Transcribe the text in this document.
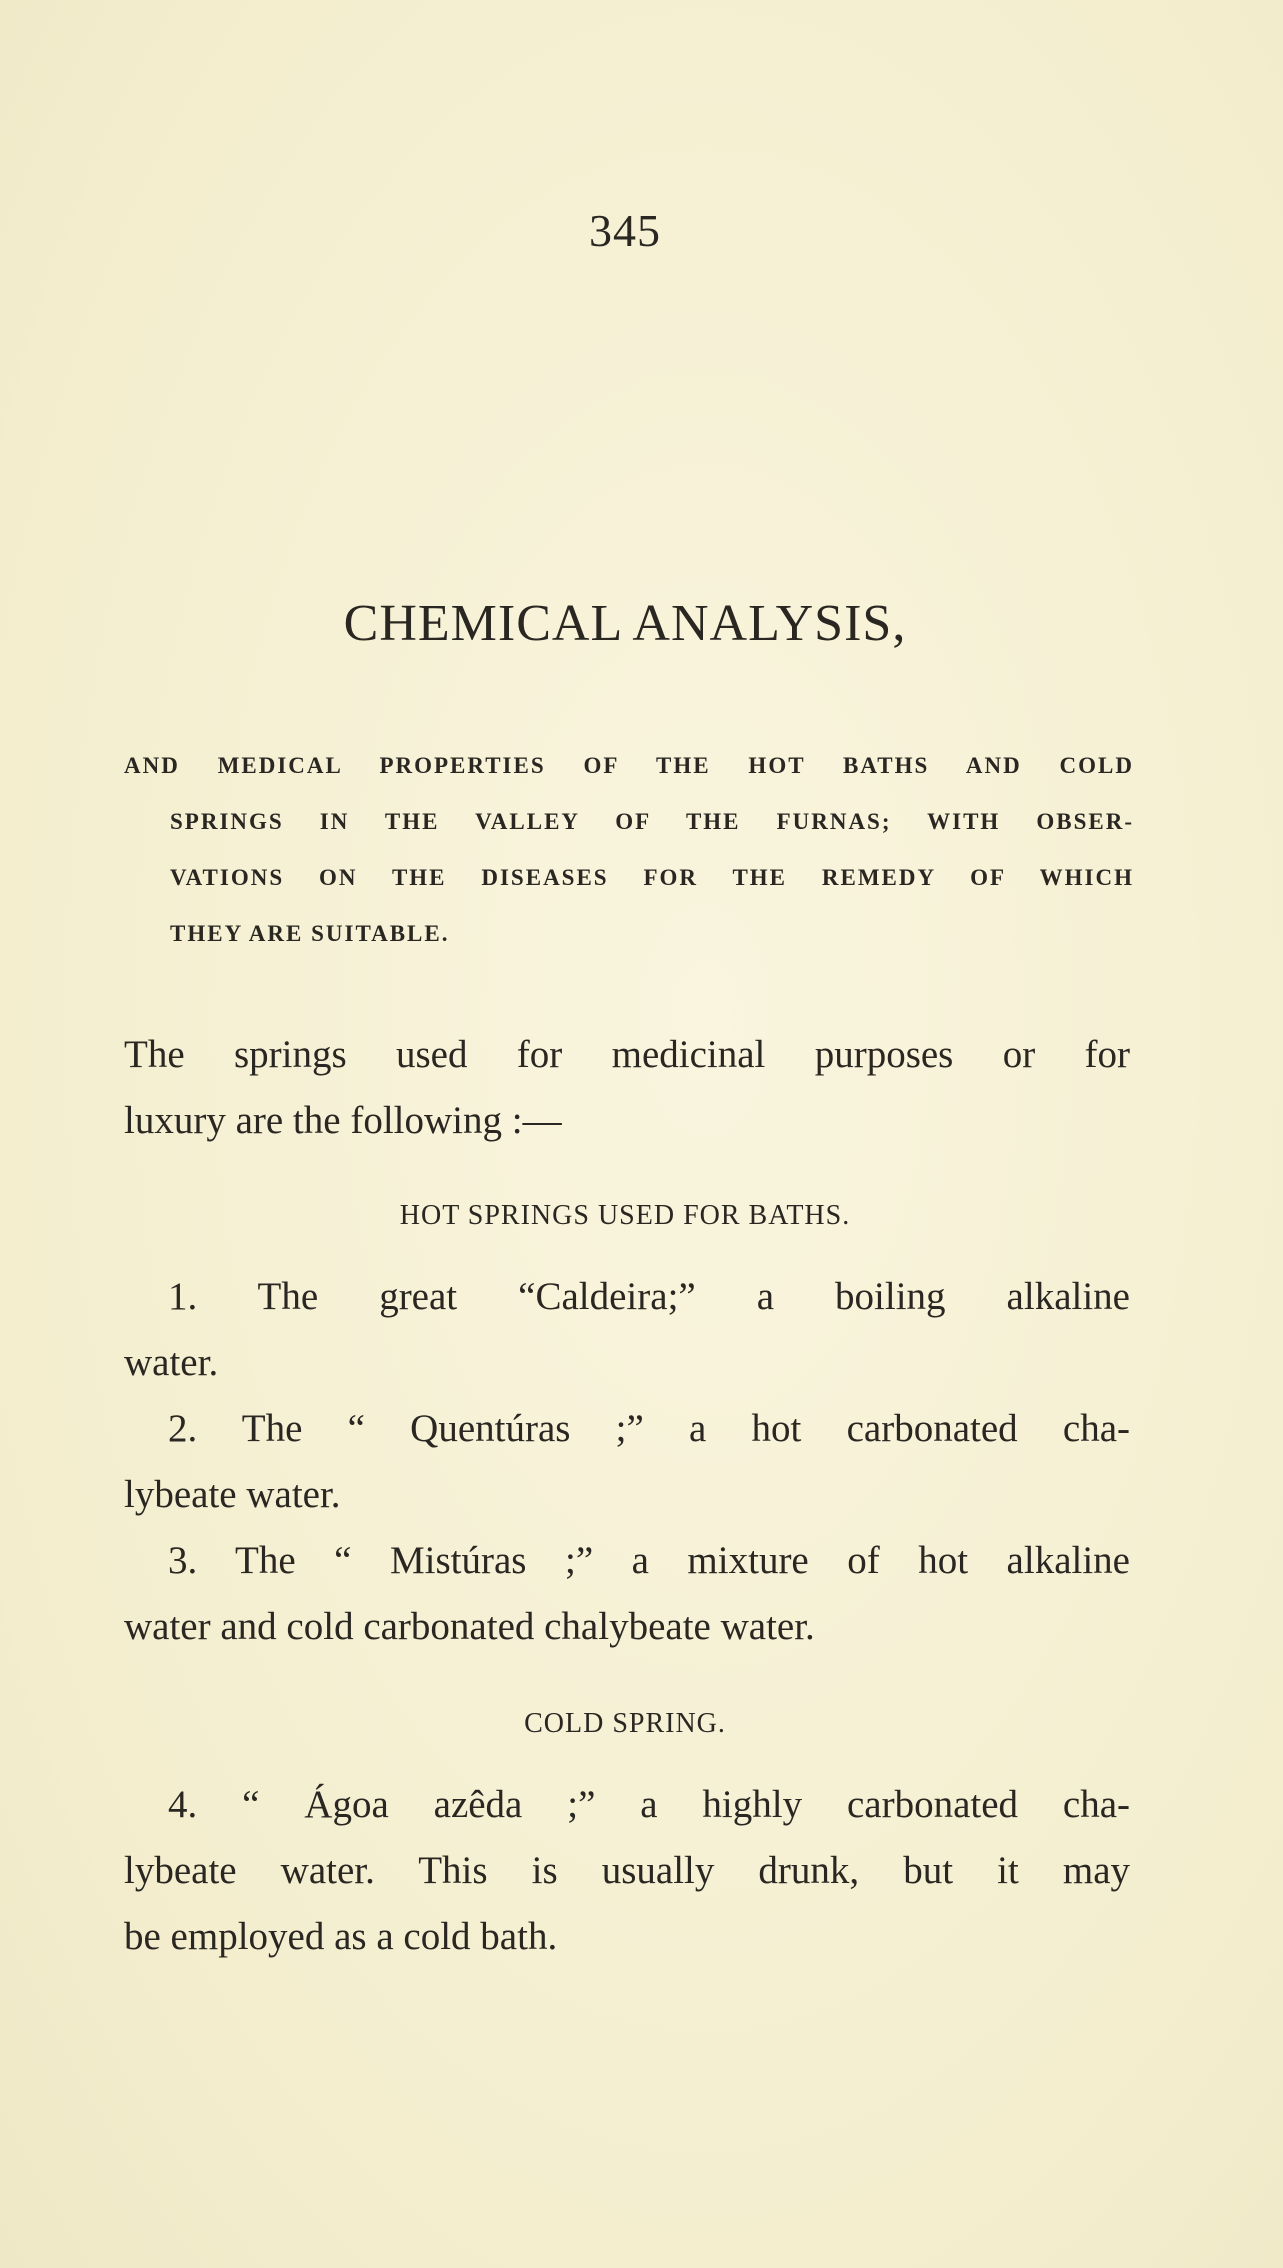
345
CHEMICAL ANALYSIS,
AND MEDICAL PROPERTIES OF THE HOT BATHS AND COLD
SPRINGS IN THE VALLEY OF THE FURNAS; WITH OBSER-
VATIONS ON THE DISEASES FOR THE REMEDY OF WHICH
THEY ARE SUITABLE.
The springs used for medicinal purposes or for
luxury are the following :—
HOT SPRINGS USED FOR BATHS.
1. The great “Caldeira;” a boiling alkaline
water.
2. The “ Quentúras ;” a hot carbonated cha-
lybeate water.
3. The “ Mistúras ;” a mixture of hot alkaline
water and cold carbonated chalybeate water.
COLD SPRING.
4. “ Ágoa azêda ;” a highly carbonated cha-
lybeate water. This is usually drunk, but it may
be employed as a cold bath.
